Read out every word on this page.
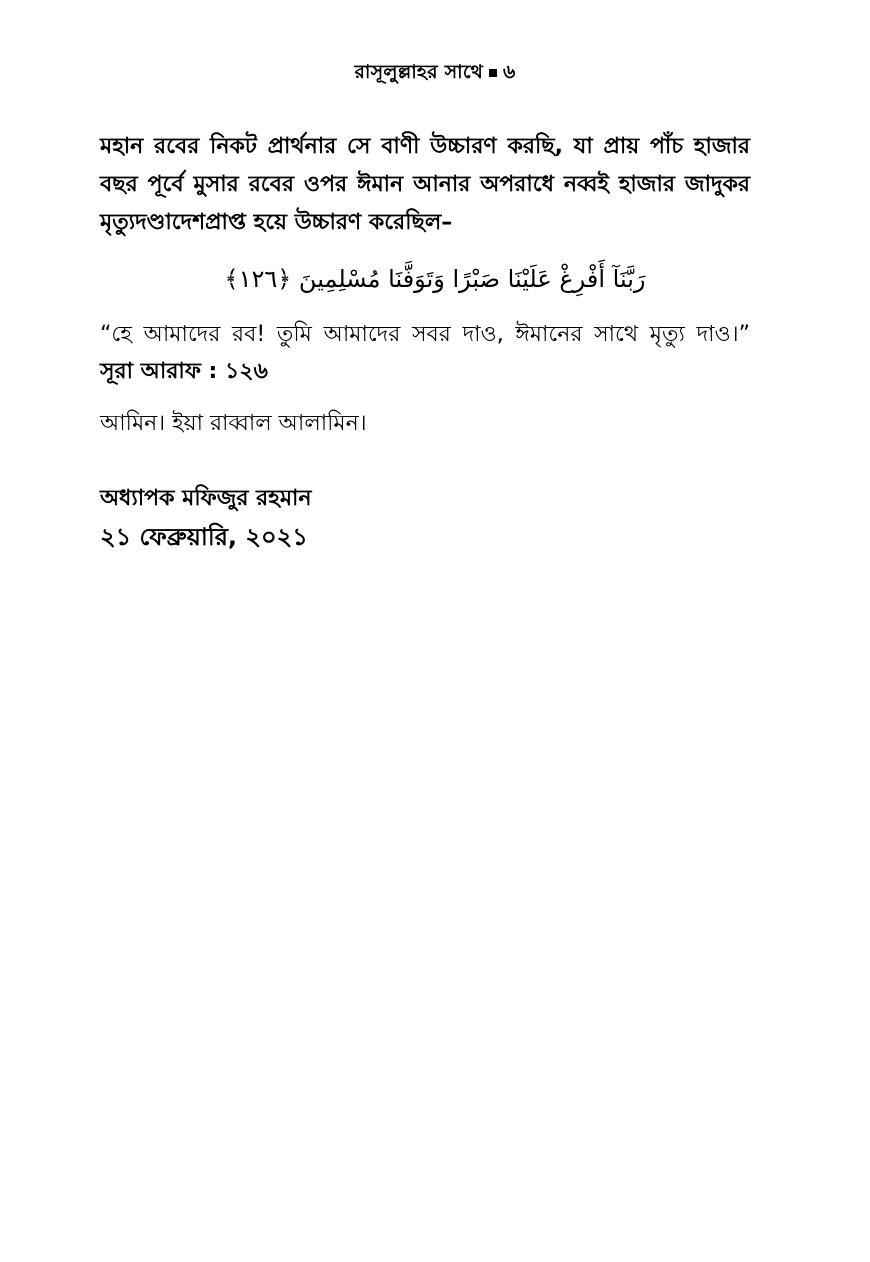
রাসূলুল্লাহর সাথে ৬
মহান রবের নিকট প্রার্থনার সে বাণী উচ্চারণ করছি, যা প্রায় পাঁচ হাজার বছর পূর্বে মুসার রবের ওপর ঈমান আনার অপরাধে নব্বই হাজার জাদুকর মৃত্যুদণ্ডাদেশপ্রাপ্ত হয়ে উচ্চারণ করেছিল–
رَبَّنَآ أَفْرِغْ عَلَيْنَا صَبْرًا وَتَوَفَّنَا مُسْلِمِينَ ﴿١٢٦﴾
“হে আমাদের রব! তুমি আমাদের সবর দাও, ঈমানের সাথে মৃত্যু দাও।”
সূরা আরাফ : ১২৬
আমিন। ইয়া রাব্বাল আলামিন।
অধ্যাপক মফিজুর রহমান
২১ ফেব্রুয়ারি, ২০২১
